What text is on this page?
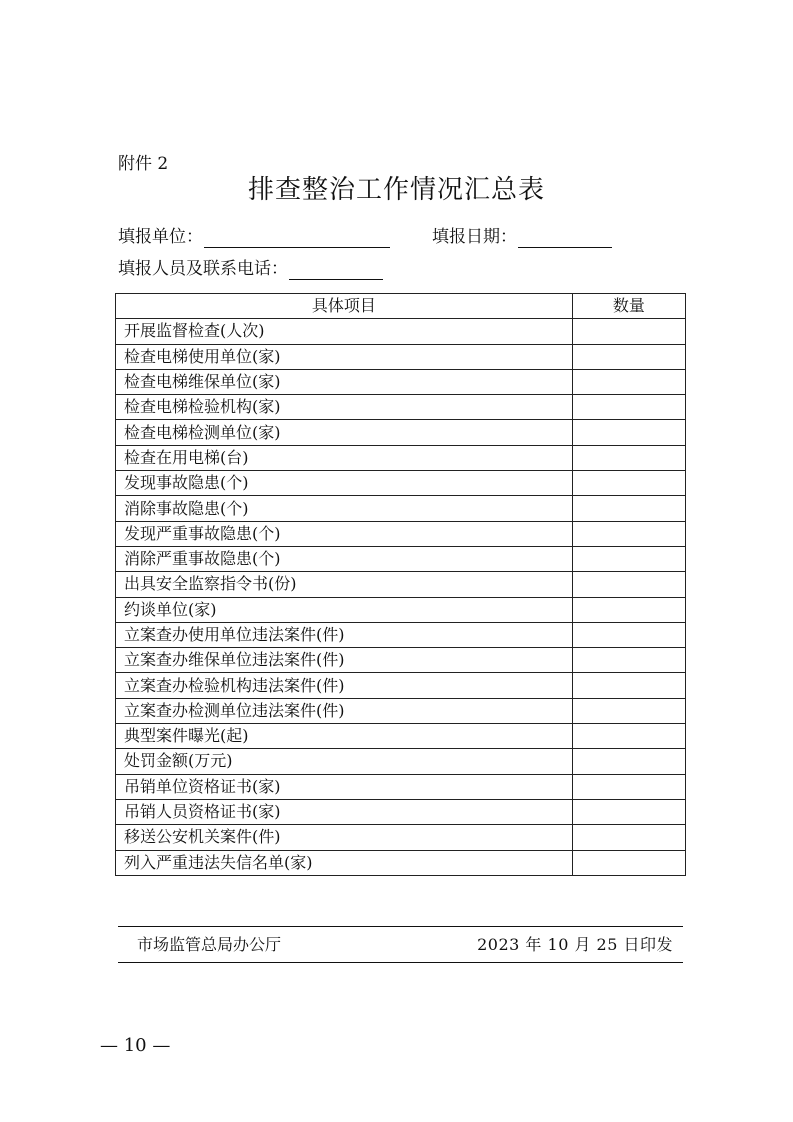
附件 2
排查整治工作情况汇总表
填报单位：	填报日期：
填报人员及联系电话：
具体项目	数量
开展监督检查(人次)	
检查电梯使用单位(家)	
检查电梯维保单位(家)	
检查电梯检验机构(家)	
检查电梯检测单位(家)	
检查在用电梯(台)	
发现事故隐患(个)	
消除事故隐患(个)	
发现严重事故隐患(个)	
消除严重事故隐患(个)	
出具安全监察指令书(份)	
约谈单位(家)	
立案查办使用单位违法案件(件)	
立案查办维保单位违法案件(件)	
立案查办检验机构违法案件(件)	
立案查办检测单位违法案件(件)	
典型案件曝光(起)	
处罚金额(万元)	
吊销单位资格证书(家)	
吊销人员资格证书(家)	
移送公安机关案件(件)	
列入严重违法失信名单(家)	
市场监管总局办公厅	2023 年 10 月 25 日印发
— 10 —
